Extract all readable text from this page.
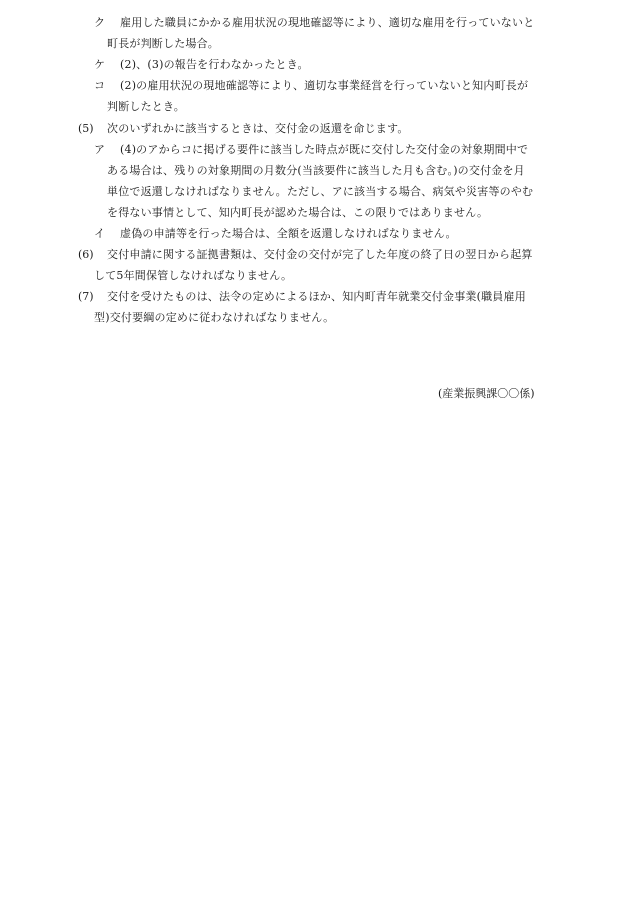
ク 雇用した職員にかかる雇用状況の現地確認等により、適切な雇用を行っていないと
町長が判断した場合。
ケ (2)、(3)の報告を行わなかったとき。
コ (2)の雇用状況の現地確認等により、適切な事業経営を行っていないと知内町長が
判断したとき。
(5) 次のいずれかに該当するときは、交付金の返還を命じます。
ア (4)のアからコに掲げる要件に該当した時点が既に交付した交付金の対象期間中で
ある場合は、残りの対象期間の月数分(当該要件に該当した月も含む。)の交付金を月
単位で返還しなければなりません。ただし、アに該当する場合、病気や災害等のやむ
を得ない事情として、知内町長が認めた場合は、この限りではありません。
イ 虚偽の申請等を行った場合は、全額を返還しなければなりません。
(6) 交付申請に関する証拠書類は、交付金の交付が完了した年度の終了日の翌日から起算
して5年間保管しなければなりません。
(7) 交付を受けたものは、法令の定めによるほか、知内町青年就業交付金事業(職員雇用
型)交付要綱の定めに従わなければなりません。
(産業振興課〇〇係)
